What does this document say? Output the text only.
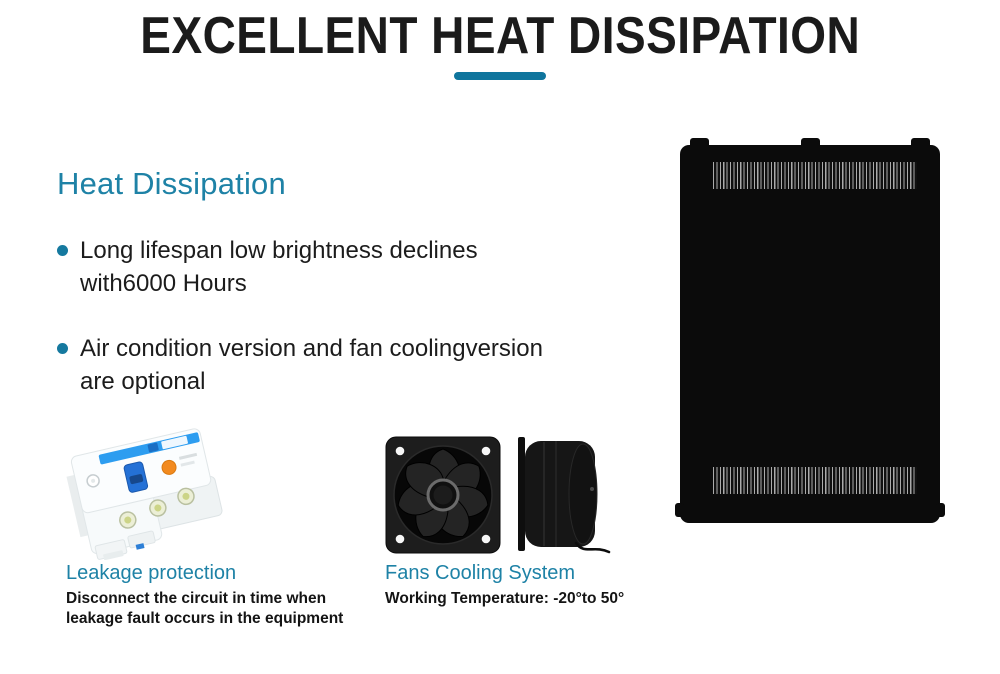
EXCELLENT HEAT DISSIPATION
Heat Dissipation

Long lifespan low brightness declines
with6000 Hours

Air condition version and fan coolingversion
are optional

Leakage protection

Disconnect the circuit in time when
leakage fault occurs in the equipment

Fans Cooling System

Working Temperature: -20°to 50°
